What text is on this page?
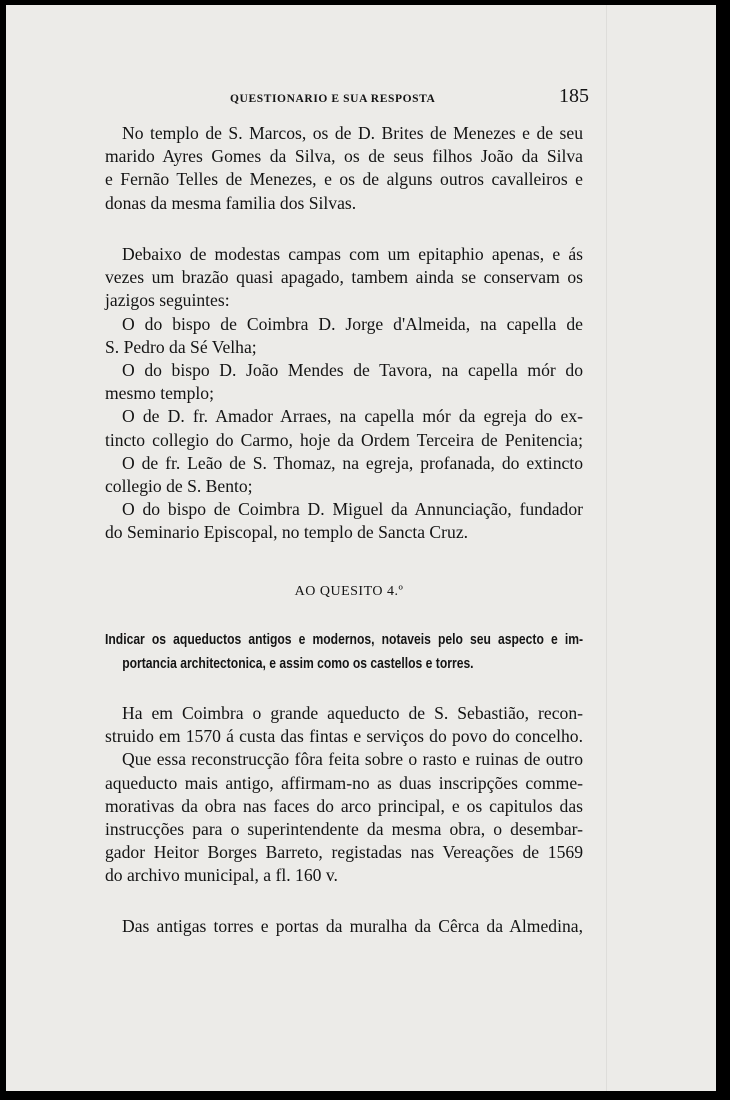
QUESTIONARIO E SUA RESPOSTA	185
No templo de S. Marcos, os de D. Brites de Menezes e de seu
marido Ayres Gomes da Silva, os de seus filhos João da Silva
e Fernão Telles de Menezes, e os de alguns outros cavalleiros e
donas da mesma familia dos Silvas.
Debaixo de modestas campas com um epitaphio apenas, e ás
vezes um brazão quasi apagado, tambem ainda se conservam os
jazigos seguintes:
O do bispo de Coimbra D. Jorge d'Almeida, na capella de
S. Pedro da Sé Velha;
O do bispo D. João Mendes de Tavora, na capella mór do
mesmo templo;
O de D. fr. Amador Arraes, na capella mór da egreja do ex-
tincto collegio do Carmo, hoje da Ordem Terceira de Penitencia;
O de fr. Leão de S. Thomaz, na egreja, profanada, do extincto
collegio de S. Bento;
O do bispo de Coimbra D. Miguel da Annunciação, fundador
do Seminario Episcopal, no templo de Sancta Cruz.
AO QUESITO 4.º
Indicar os aqueductos antigos e modernos, notaveis pelo seu aspecto e im-
portancia architectonica, e assim como os castellos e torres.
Ha em Coimbra o grande aqueducto de S. Sebastião, recon-
struido em 1570 á custa das fintas e serviços do povo do concelho.
Que essa reconstrucção fôra feita sobre o rasto e ruinas de outro
aqueducto mais antigo, affirmam-no as duas inscripções comme-
morativas da obra nas faces do arco principal, e os capitulos das
instrucções para o superintendente da mesma obra, o desembar-
gador Heitor Borges Barreto, registadas nas Vereações de 1569
do archivo municipal, a fl. 160 v.
Das antigas torres e portas da muralha da Cêrca da Almedina,
